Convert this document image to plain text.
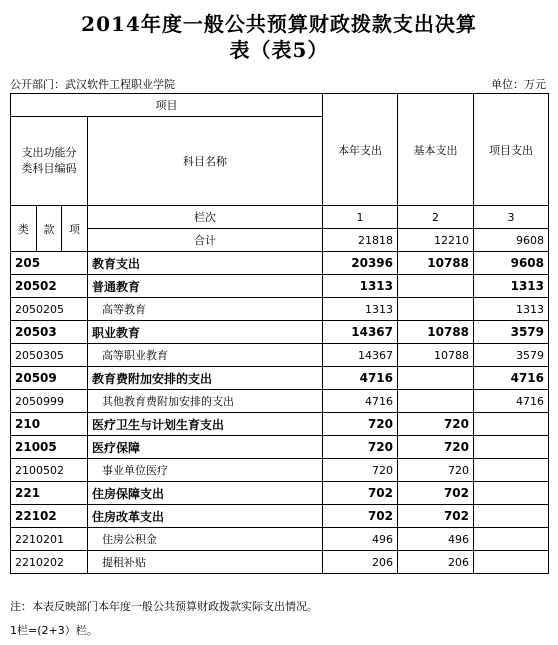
2014年度一般公共预算财政拨款支出决算
表（表5）
公开部门：武汉软件工程职业学院	单位：万元
项目				本年支出	基本支出	项目支出

支出功能分
类科目编码			科目名称			

类	款	项	栏次	1	2	3
			合计	21818	12210	9608
205			教育支出	20396	10788	9608
20502			普通教育	1313		1313
2050205			高等教育	1313		1313
20503			职业教育	14367	10788	3579
2050305			高等职业教育	14367	10788	3579
20509			教育费附加安排的支出	4716		4716
2050999			其他教育费附加安排的支出	4716		4716
210			医疗卫生与计划生育支出	720	720	
21005			医疗保障	720	720	
2100502			事业单位医疗	720	720	
221			住房保障支出	702	702	
22102			住房改革支出	702	702	
2210201			住房公积金	496	496	
2210202			提租补贴	206	206	
注：本表反映部门本年度一般公共预算财政拨款实际支出情况。
1栏=(2+3）栏。
